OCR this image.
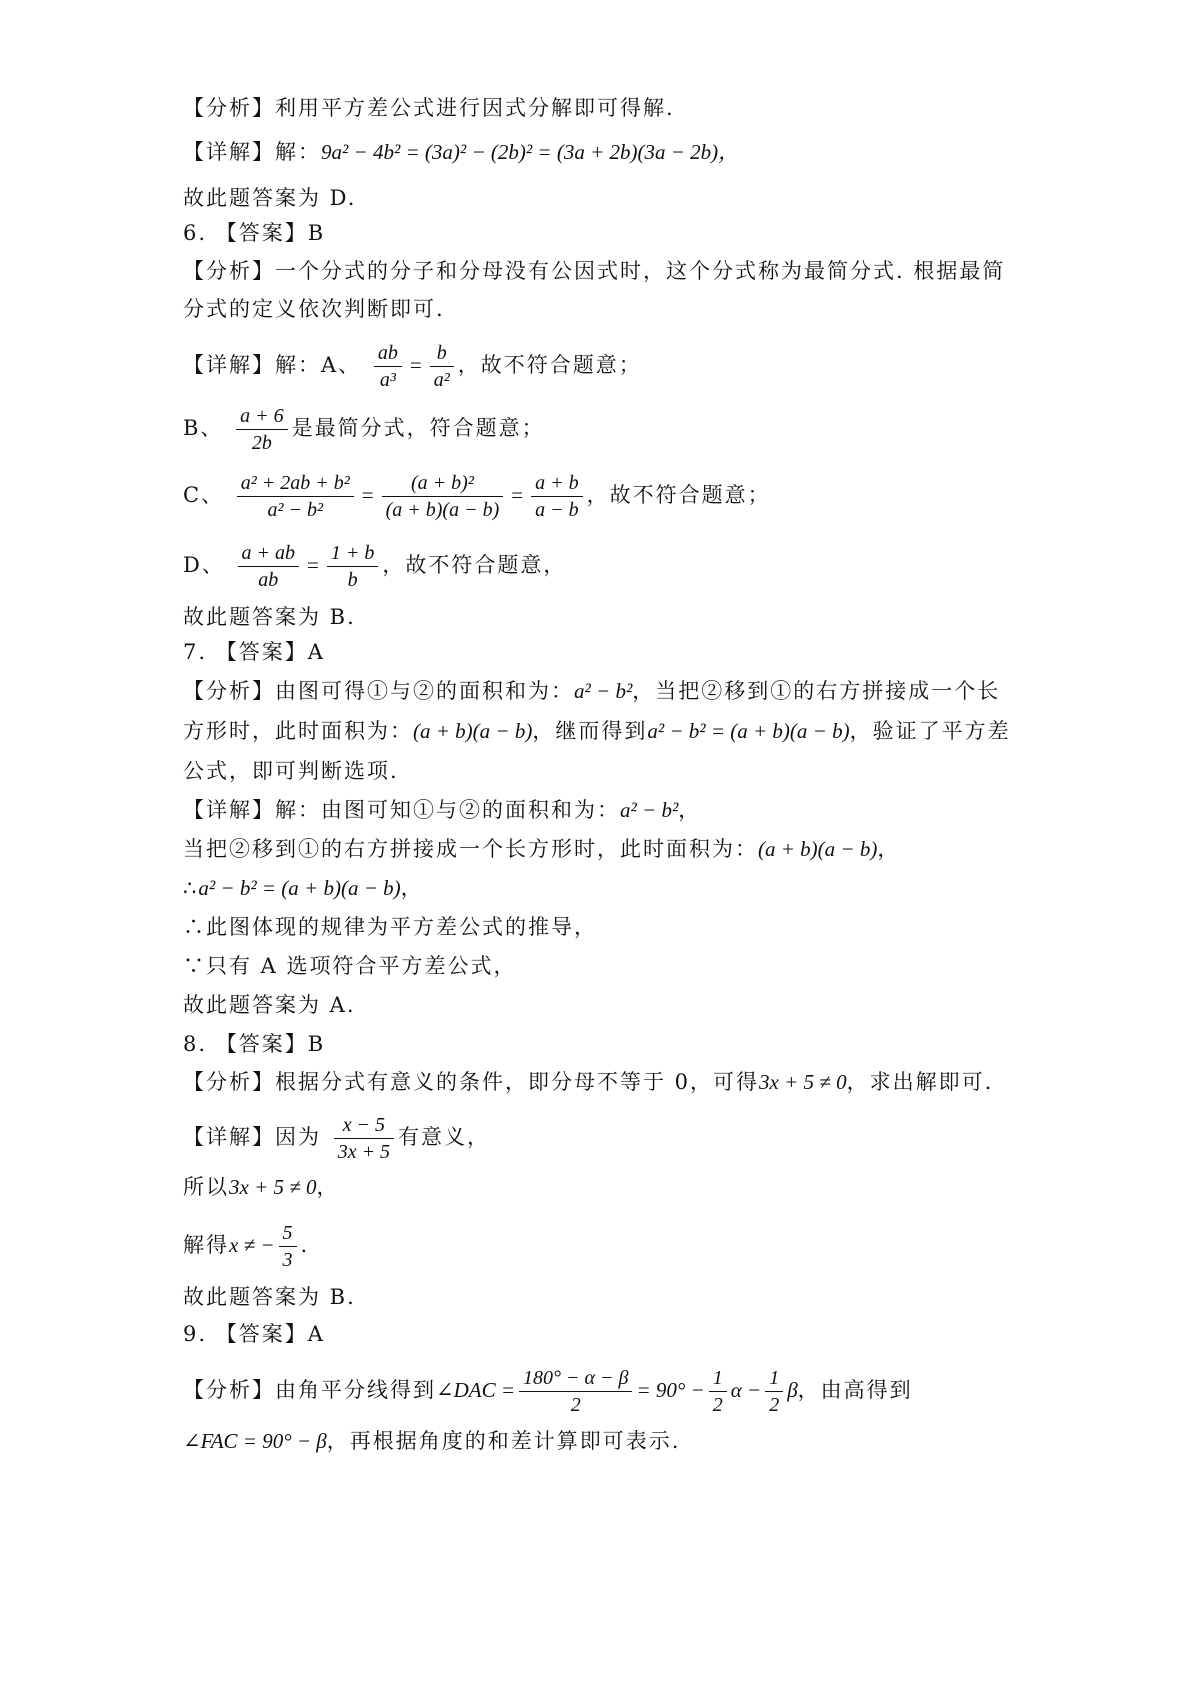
【分析】利用平方差公式进行因式分解即可得解.
【详解】解：9a² − 4b² = (3a)² − (2b)² = (3a + 2b)(3a − 2b)，
故此题答案为 D.
6. 【答案】B
【分析】一个分式的分子和分母没有公因式时，这个分式称为最简分式. 根据最简
分式的定义依次判断即可.
【详解】解：A、 $\frac{ab}{\text{a³}} = \frac{b}{\text{a²}}$ ，故不符合题意；
B、 $\frac{a + 6}{2b}$ 是最简分式，符合题意；
C、 $\frac{\text{a² + 2ab + b²}}{\text{a² − b²}} = \frac{\text{(a + b)²}}{(a + b)(a - b)} = \frac{a + b}{a - b}$ ，故不符合题意；
D、 $\frac{a + ab}{ab} = \frac{1 + b}{b}$ ，故不符合题意，
故此题答案为 B.
7. 【答案】A
【分析】由图可得①与②的面积和为：a² − b²，当把②移到①的右方拼接成一个长
方形时，此时面积为：(a + b)(a − b)，继而得到a² − b² = (a + b)(a − b)，验证了平方差
公式，即可判断选项.
【详解】解：由图可知①与②的面积和为：a² − b²，
当把②移到①的右方拼接成一个长方形时，此时面积为：(a + b)(a − b)，
∴a² − b² = (a + b)(a − b)，
∴此图体现的规律为平方差公式的推导，
∵只有 A 选项符合平方差公式，
故此题答案为 A.
8. 【答案】B
【分析】根据分式有意义的条件，即分母不等于 0，可得3x + 5 ≠ 0，求出解即可.
【详解】因为 $\frac{x - 5}{3x + 5}$ 有意义，
所以3x + 5 ≠ 0，
解得x ≠ − $\frac{5}{3}$ .
故此题答案为 B.
9. 【答案】A
【分析】由角平分线得到∠DAC = $\frac{180^\circ - \alpha - \beta}{2} = 90^\circ - \frac{1}{2}$ $\alpha - \frac{1}{2}$ β，由高得到
∠FAC = 90° − β，再根据角度的和差计算即可表示.
